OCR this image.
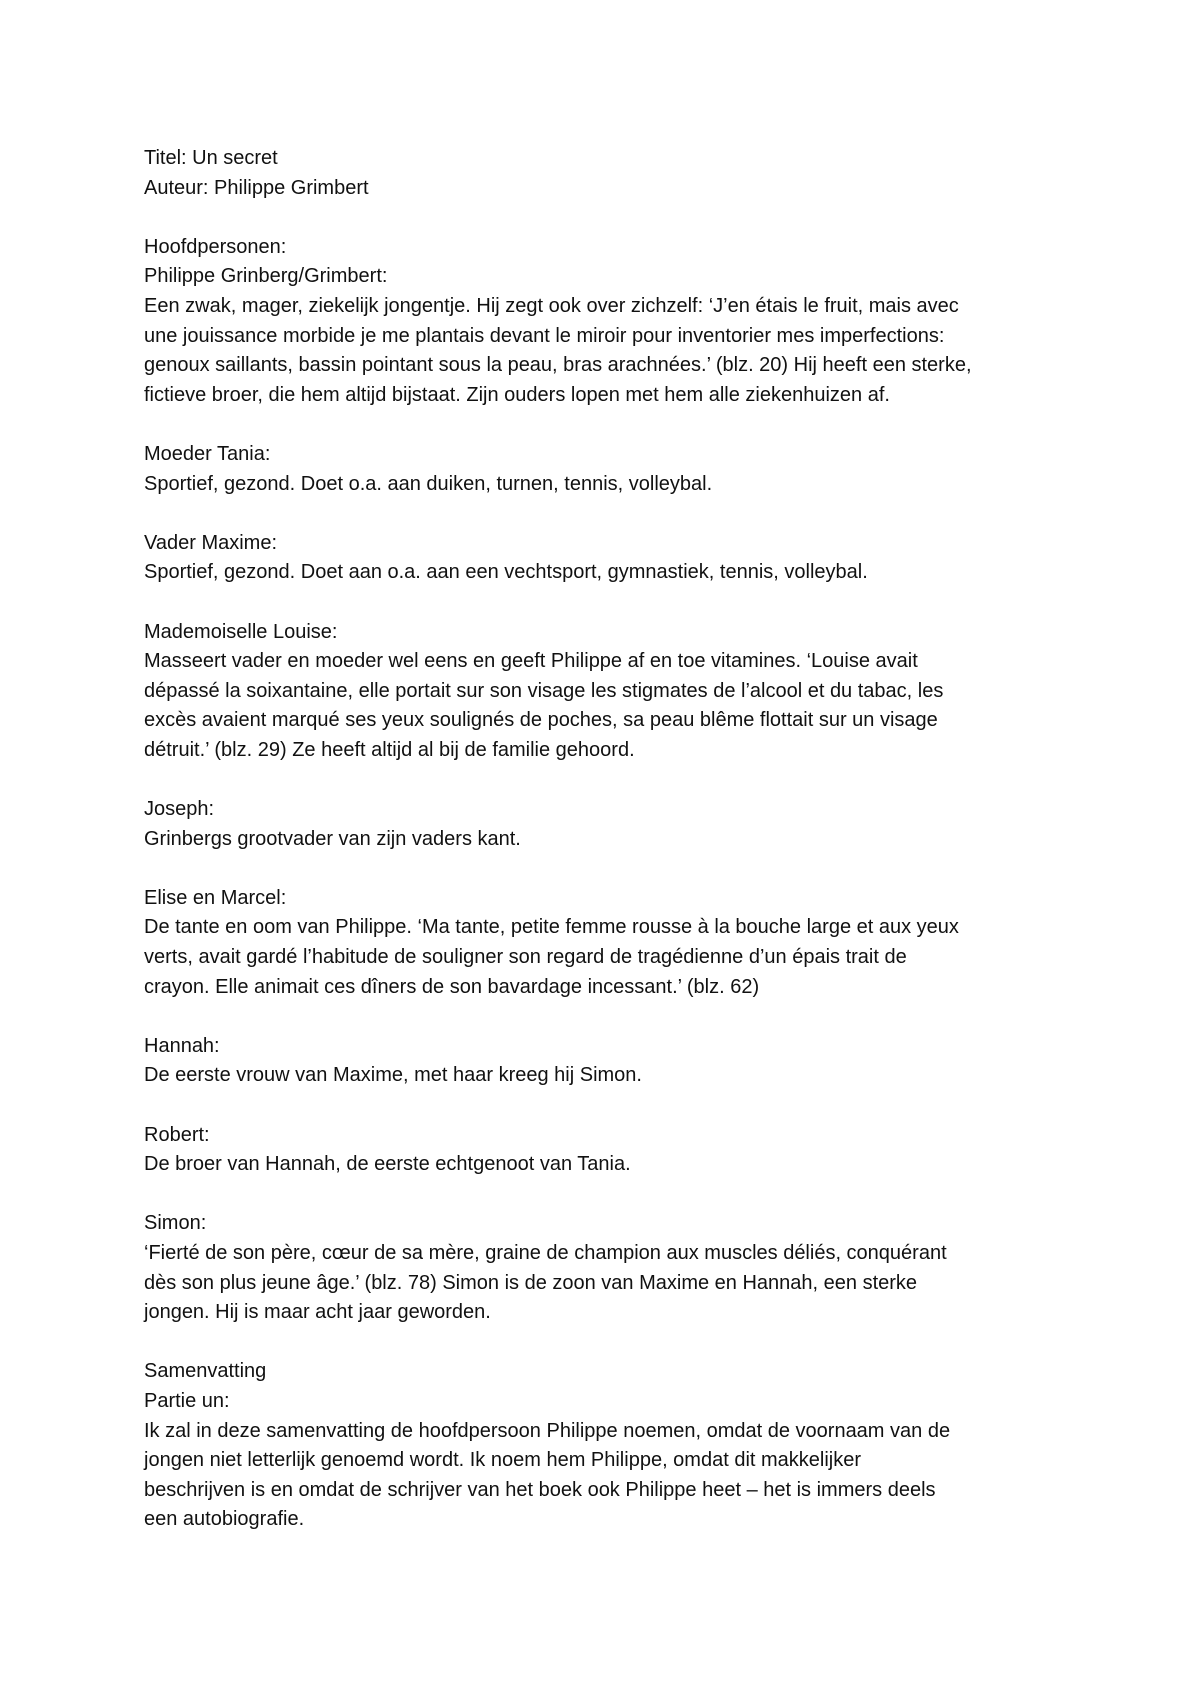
Titel: Un secret
Auteur: Philippe Grimbert
Hoofdpersonen:
Philippe Grinberg/Grimbert:
Een zwak, mager, ziekelijk jongentje. Hij zegt ook over zichzelf: ‘J’en étais le fruit, mais avec
une jouissance morbide je me plantais devant le miroir pour inventorier mes imperfections:
genoux saillants, bassin pointant sous la peau, bras arachnées.’ (blz. 20) Hij heeft een sterke,
fictieve broer, die hem altijd bijstaat. Zijn ouders lopen met hem alle ziekenhuizen af.
Moeder Tania:
Sportief, gezond. Doet o.a. aan duiken, turnen, tennis, volleybal.
Vader Maxime:
Sportief, gezond. Doet aan o.a. aan een vechtsport, gymnastiek, tennis, volleybal.
Mademoiselle Louise:
Masseert vader en moeder wel eens en geeft Philippe af en toe vitamines. ‘Louise avait
dépassé la soixantaine, elle portait sur son visage les stigmates de l’alcool et du tabac, les
excès avaient marqué ses yeux soulignés de poches, sa peau blême flottait sur un visage
détruit.’ (blz. 29) Ze heeft altijd al bij de familie gehoord.
Joseph:
Grinbergs grootvader van zijn vaders kant.
Elise en Marcel:
De tante en oom van Philippe. ‘Ma tante, petite femme rousse à la bouche large et aux yeux
verts, avait gardé l’habitude de souligner son regard de tragédienne d’un épais trait de
crayon. Elle animait ces dîners de son bavardage incessant.’ (blz. 62)
Hannah:
De eerste vrouw van Maxime, met haar kreeg hij Simon.
Robert:
De broer van Hannah, de eerste echtgenoot van Tania.
Simon:
‘Fierté de son père, cœur de sa mère, graine de champion aux muscles déliés, conquérant
dès son plus jeune âge.’ (blz. 78) Simon is de zoon van Maxime en Hannah, een sterke
jongen. Hij is maar acht jaar geworden.
Samenvatting
Partie un:
Ik zal in deze samenvatting de hoofdpersoon Philippe noemen, omdat de voornaam van de
jongen niet letterlijk genoemd wordt. Ik noem hem Philippe, omdat dit makkelijker
beschrijven is en omdat de schrijver van het boek ook Philippe heet – het is immers deels
een autobiografie.
